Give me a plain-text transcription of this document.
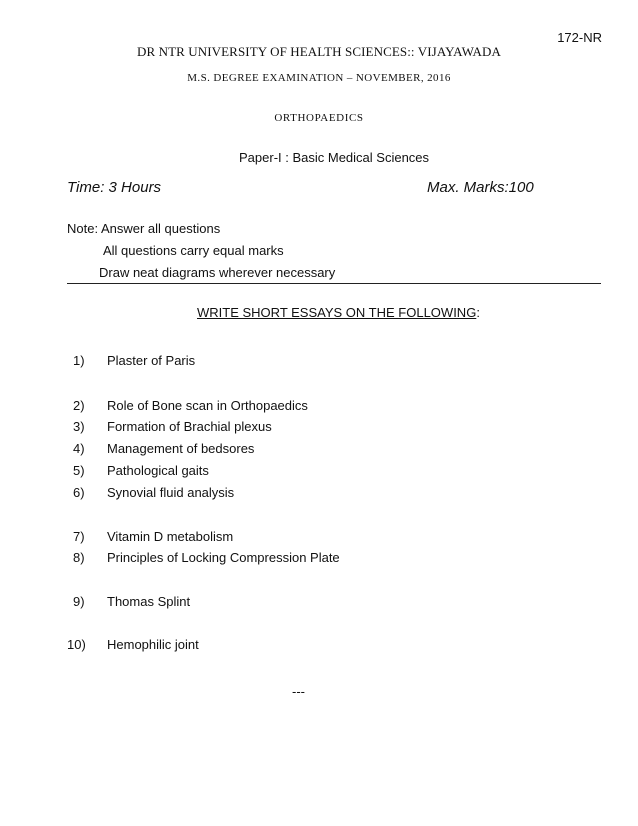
172-NR
DR NTR UNIVERSITY OF HEALTH SCIENCES:: VIJAYAWADA
M.S. DEGREE EXAMINATION – NOVEMBER, 2016
ORTHOPAEDICS
Paper-I : Basic Medical Sciences
Time: 3 Hours	Max. Marks:100
Note: Answer all questions
All questions carry equal marks
Draw neat diagrams wherever necessary
WRITE SHORT ESSAYS ON THE FOLLOWING:
1) Plaster of Paris
2) Role of Bone scan in Orthopaedics
3) Formation of Brachial plexus
4) Management of bedsores
5) Pathological gaits
6) Synovial fluid analysis
7) Vitamin D metabolism
8) Principles of Locking Compression Plate
9) Thomas Splint
10) Hemophilic joint
---
